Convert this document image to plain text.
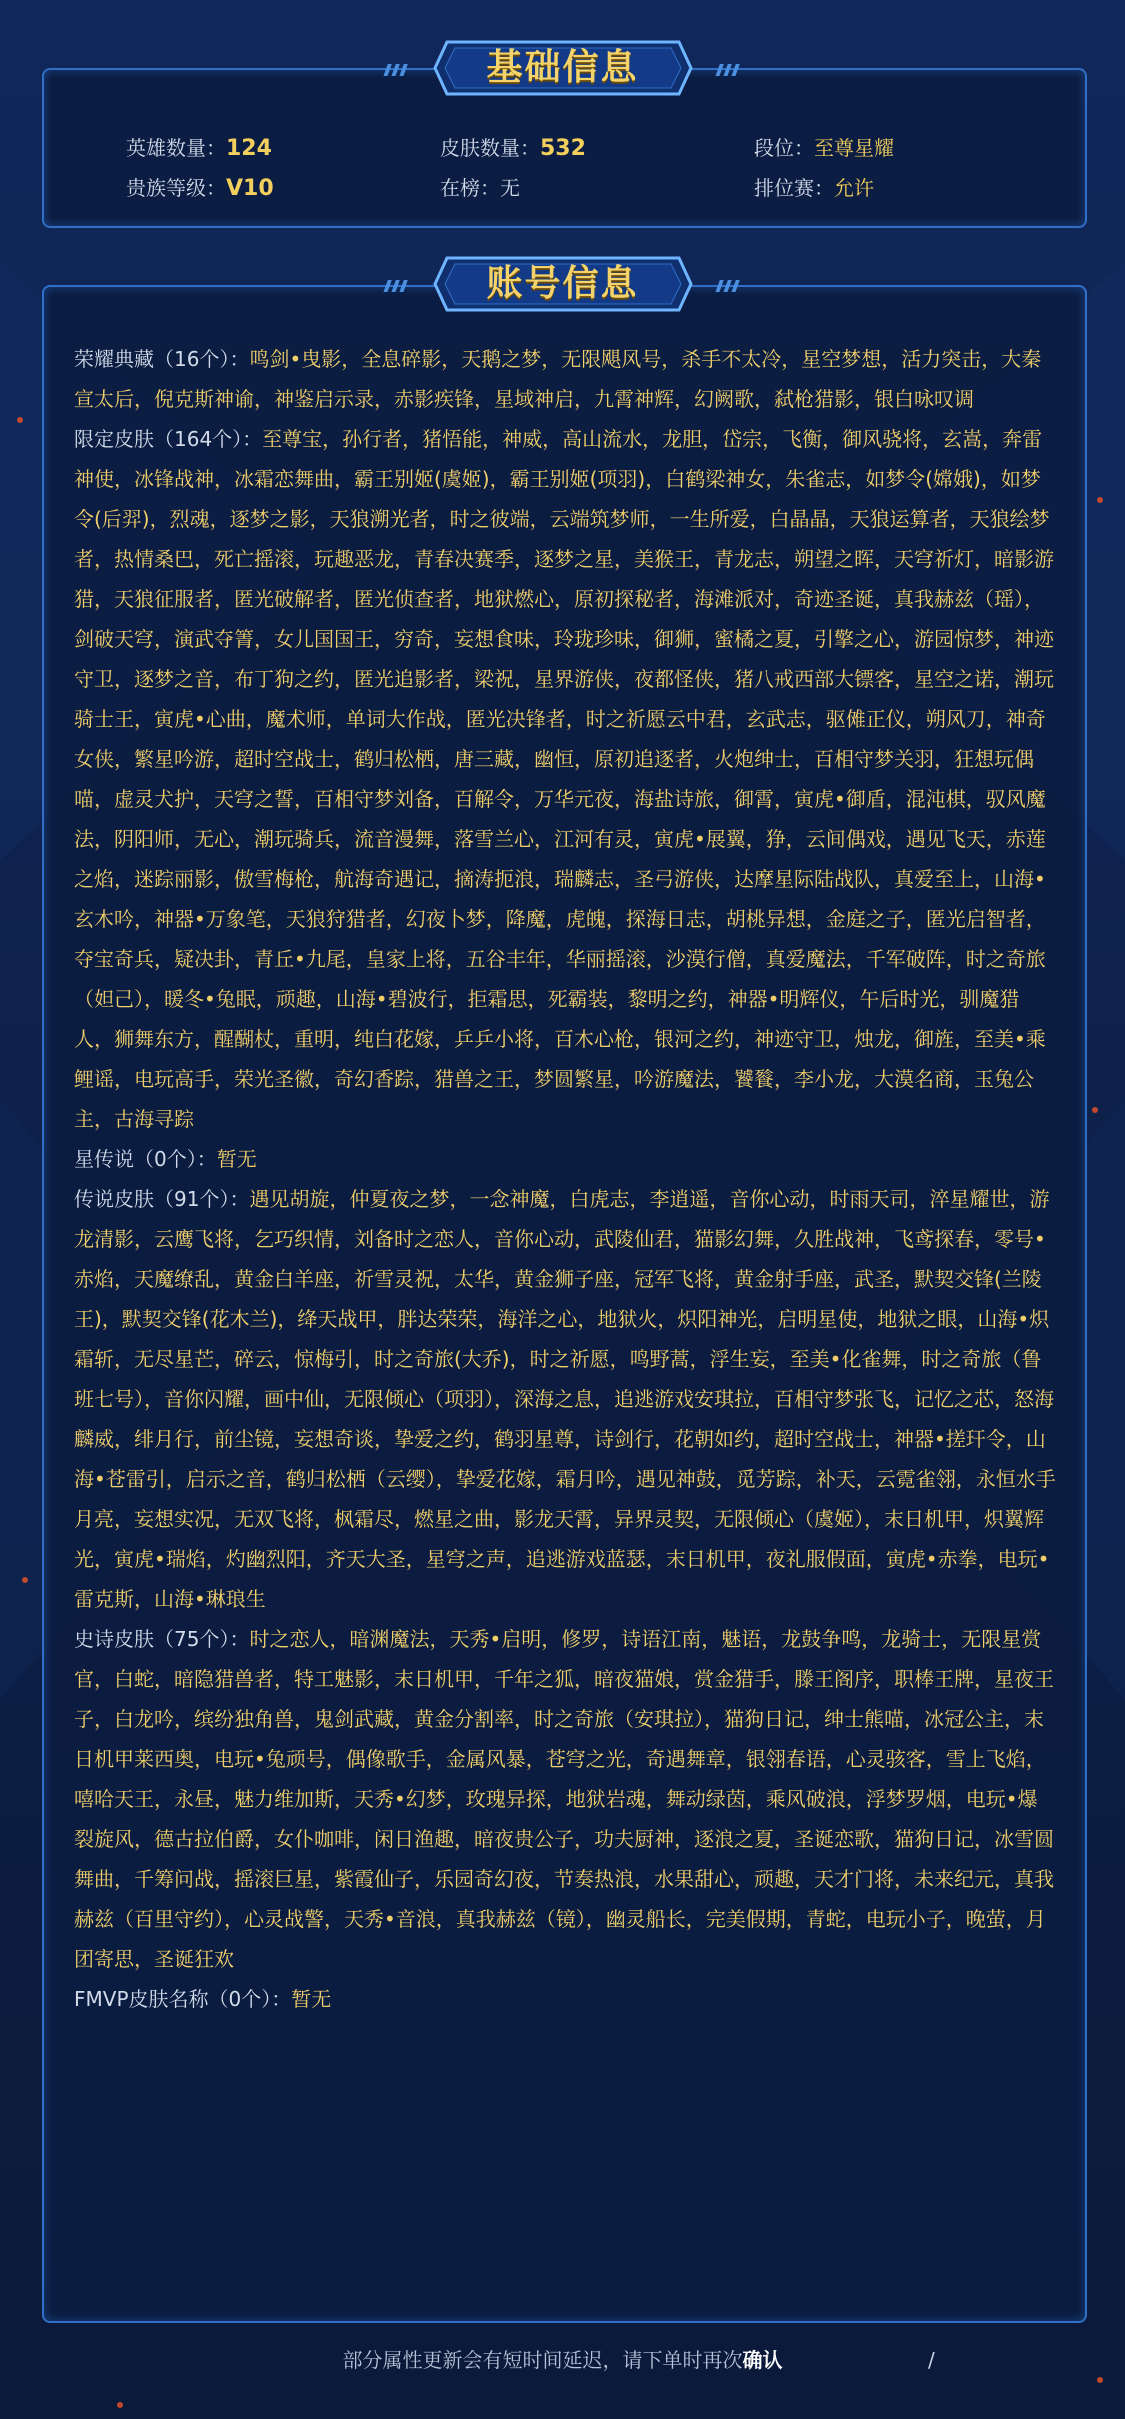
英雄数量：124	皮肤数量：532	段位：至尊星耀
贵族等级：V10	在榜：无	排位赛：允许
基础信息

荣耀典藏（16个）：鸣剑•曳影，全息碎影，天鹅之梦，无限飓风号，杀手不太冷，星空梦想，活力突击，大秦宣太后，倪克斯神谕，神鉴启示录，赤影疾锋，星域神启，九霄神辉，幻阙歌，弑枪猎影，银白咏叹调

限定皮肤（164个）：至尊宝，孙行者，猪悟能，神威，高山流水，龙胆，岱宗，飞衡，御风骁将，玄嵩，奔雷神使，冰锋战神，冰霜恋舞曲，霸王别姬(虞姬)，霸王别姬(项羽)，白鹤梁神女，朱雀志，如梦令(嫦娥)，如梦令(后羿)，烈魂，逐梦之影，天狼溯光者，时之彼端，云端筑梦师，一生所爱，白晶晶，天狼运算者，天狼绘梦者，热情桑巴，死亡摇滚，玩趣恶龙，青春决赛季，逐梦之星，美猴王，青龙志，朔望之晖，天穹祈灯，暗影游猎，天狼征服者，匿光破解者，匿光侦查者，地狱燃心，原初探秘者，海滩派对，奇迹圣诞，真我赫兹（瑶），剑破天穹，演武夺箐，女儿国国王，穷奇，妄想食味，玲珑珍味，御狮，蜜橘之夏，引擎之心，游园惊梦，神迹守卫，逐梦之音，布丁狗之约，匿光追影者，梁祝，星界游侠，夜都怪侠，猪八戒西部大镖客，星空之诺，潮玩骑士王，寅虎•心曲，魔术师，单词大作战，匿光决锋者，时之祈愿云中君，玄武志，驱傩正仪，朔风刀，神奇女侠，繁星吟游，超时空战士，鹤归松栖，唐三藏，幽恒，原初追逐者，火炮绅士，百相守梦关羽，狂想玩偶喵，虚灵犬护，天穹之誓，百相守梦刘备，百解令，万华元夜，海盐诗旅，御霄，寅虎•御盾，混沌棋，驭风魔法，阴阳师，无心，潮玩骑兵，流音漫舞，落雪兰心，江河有灵，寅虎•展翼，狰，云间偶戏，遇见飞天，赤莲之焰，迷踪丽影，傲雪梅枪，航海奇遇记，摘涛扼浪，瑞麟志，圣弓游侠，达摩星际陆战队，真爱至上，山海•玄木吟，神器•万象笔，天狼狩猎者，幻夜卜梦，降魔，虎魄，探海日志，胡桃异想，金庭之子，匿光启智者，夺宝奇兵，疑决卦，青丘•九尾，皇家上将，五谷丰年，华丽摇滚，沙漠行僧，真爱魔法，千军破阵，时之奇旅（妲己），暖冬•兔眠，顽趣，山海•碧波行，拒霜思，死霸装，黎明之约，神器•明辉仪，午后时光，驯魔猎人，狮舞东方，醒醐杖，重明，纯白花嫁，乒乒小将，百木心枪，银河之约，神迹守卫，烛龙，御旌，至美•乘鲤谣，电玩高手，荣光圣徽，奇幻香踪，猎兽之王，梦圆繁星，吟游魔法，饕餮，李小龙，大漠名商，玉兔公主，古海寻踪

星传说（0个）：暂无

传说皮肤（91个）：遇见胡旋，仲夏夜之梦，一念神魔，白虎志，李逍遥，音你心动，时雨天司，淬星耀世，游龙清影，云鹰飞将，乞巧织情，刘备时之恋人，音你心动，武陵仙君，猫影幻舞，久胜战神，飞鸢探春，零号•赤焰，天魔缭乱，黄金白羊座，祈雪灵祝，太华，黄金狮子座，冠军飞将，黄金射手座，武圣，默契交锋(兰陵王)，默契交锋(花木兰)，绛天战甲，胖达荣荣，海洋之心，地狱火，炽阳神光，启明星使，地狱之眼，山海•炽霜斩，无尽星芒，碎云，惊梅引，时之奇旅(大乔)，时之祈愿，鸣野蒿，浮生妄，至美•化雀舞，时之奇旅（鲁班七号），音你闪耀，画中仙，无限倾心（项羽），深海之息，追逃游戏安琪拉，百相守梦张飞，记忆之芯，怒海麟威，绯月行，前尘镜，妄想奇谈，挚爱之约，鹤羽星尊，诗剑行，花朝如约，超时空战士，神器•搓玕令，山海•苍雷引，启示之音，鹤归松栖（云缨），挚爱花嫁，霜月吟，遇见神鼓，觅芳踪，补天，云霓雀翎，永恒水手月亮，妄想实况，无双飞将，枫霜尽，燃星之曲，影龙天霄，异界灵契，无限倾心（虞姬），末日机甲，炽翼辉光，寅虎•瑞焰，灼幽烈阳，齐天大圣，星穹之声，追逃游戏蓝瑟，末日机甲，夜礼服假面，寅虎•赤拳，电玩•雷克斯，山海•琳琅生

史诗皮肤（75个）：时之恋人，暗渊魔法，天秀•启明，修罗，诗语江南，魅语，龙鼓争鸣，龙骑士，无限星赏官，白蛇，暗隐猎兽者，特工魅影，末日机甲，千年之狐，暗夜猫娘，赏金猎手，滕王阁序，职棒王牌，星夜王子，白龙吟，缤纷独角兽，鬼剑武藏，黄金分割率，时之奇旅（安琪拉），猫狗日记，绅士熊喵，冰冠公主，末日机甲莱西奥，电玩•兔顽号，偶像歌手，金属风暴，苍穹之光，奇遇舞章，银翎春语，心灵骇客，雪上飞焰，嘻哈天王，永昼，魅力维加斯，天秀•幻梦，玫瑰异探，地狱岩魂，舞动绿茵，乘风破浪，浮梦罗烟，电玩•爆裂旋风，德古拉伯爵，女仆咖啡，闲日渔趣，暗夜贵公子，功夫厨神，逐浪之夏，圣诞恋歌，猫狗日记，冰雪圆舞曲，千筹问战，摇滚巨星，紫霞仙子，乐园奇幻夜，节奏热浪，水果甜心，顽趣，天才门将，未来纪元，真我赫兹（百里守约），心灵战警，天秀•音浪，真我赫兹（镜），幽灵船长，完美假期，青蛇，电玩小子，晚萤，月团寄思，圣诞狂欢

FMVP皮肤名称（0个）：暂无

账号信息
部分属性更新会有短时间延迟，请下单时再次确认	/
